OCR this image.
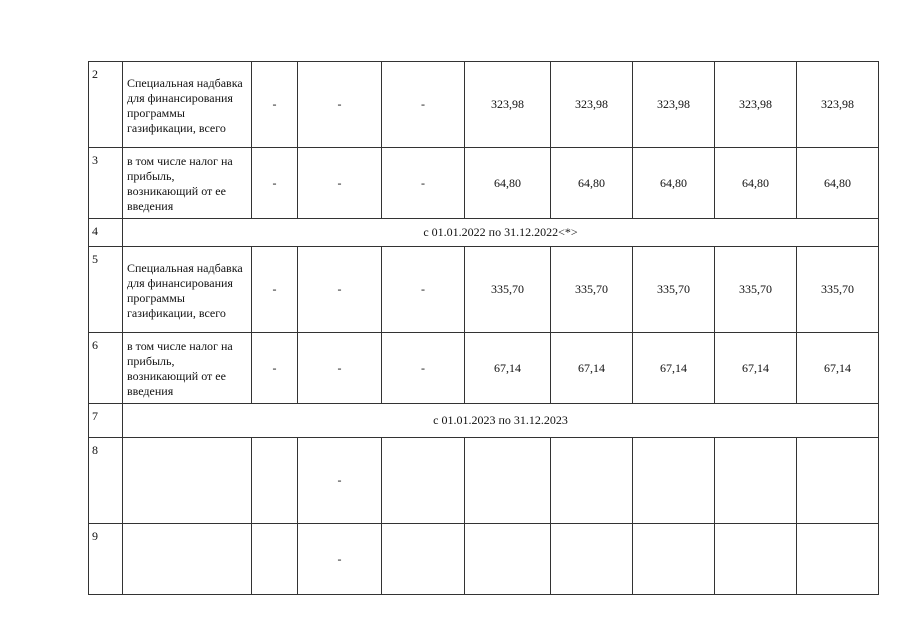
2	Специальная надбавка для финансирования программы газификации, всего	-	-	-	323,98	323,98	323,98	323,98	323,98
3	в том числе налог на прибыль, возникающий от ее введения	-	-	-	64,80	64,80	64,80	64,80	64,80
4	с 01.01.2022 по 31.12.2022<*>								
5	Специальная надбавка для финансирования программы газификации, всего	-	-	-	335,70	335,70	335,70	335,70	335,70
6	в том числе налог на прибыль, возникающий от ее введения	-	-	-	67,14	67,14	67,14	67,14	67,14
7	с 01.01.2023 по 31.12.2023								
8			-						
9			-						
